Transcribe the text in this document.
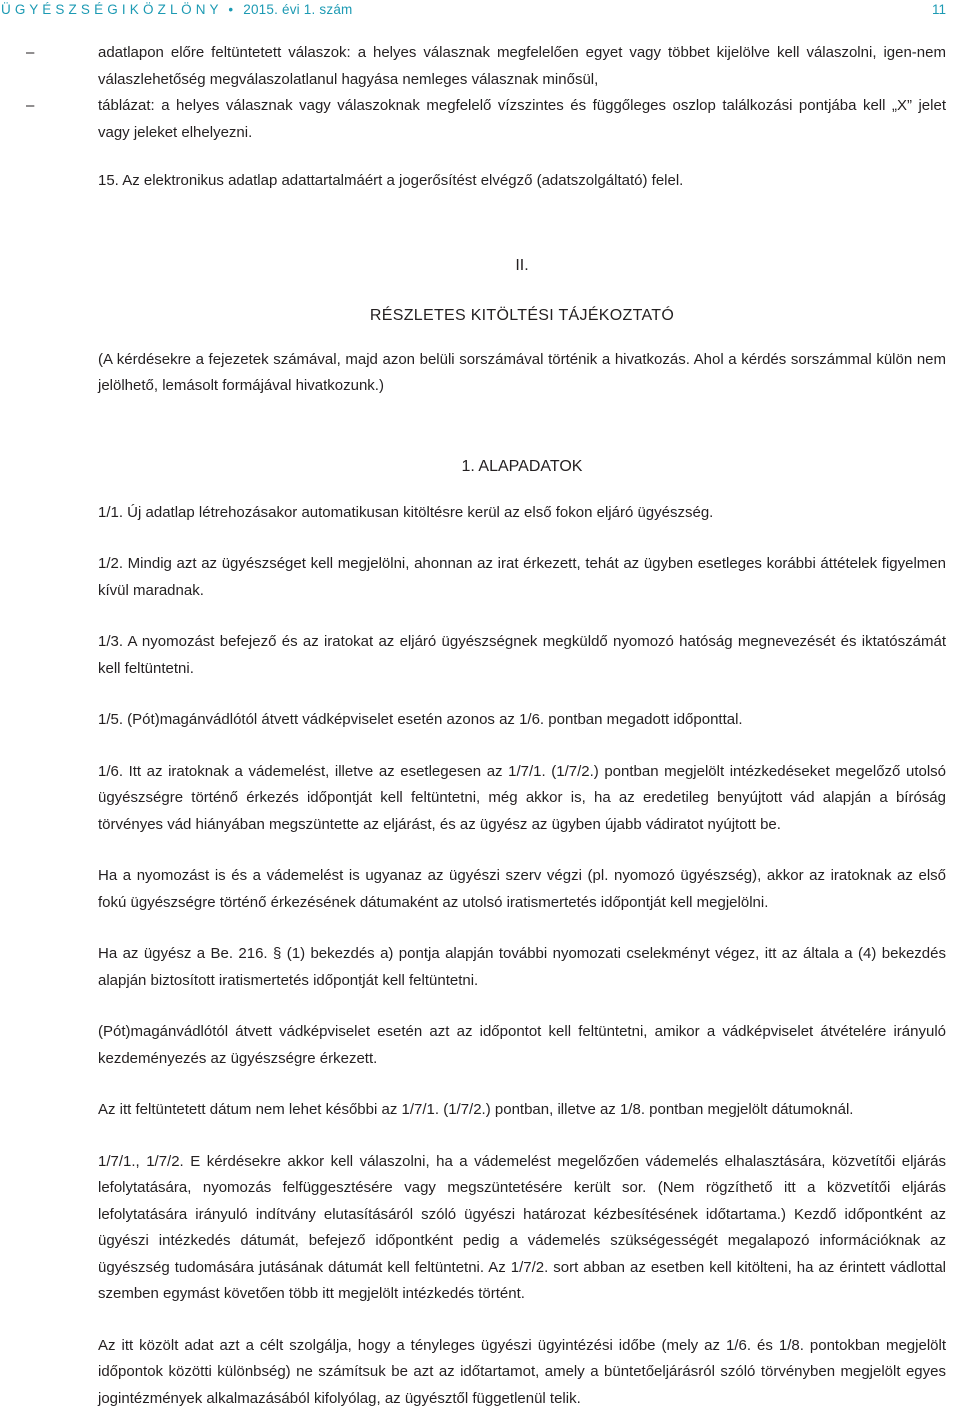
Ü G Y É S Z S É G I K Ö Z L Ö N Y • 2015. évi 1. szám	11
–	adatlapon előre feltüntetett válaszok: a helyes válasznak megfelelően egyet vagy többet kijelölve kell válaszolni, igen-nem válaszlehetőség megválaszolatlanul hagyása nemleges válasznak minősül,
–	táblázat: a helyes válasznak vagy válaszoknak megfelelő vízszintes és függőleges oszlop találkozási pontjába kell „X” jelet vagy jeleket elhelyezni.

15. Az elektronikus adatlap adattartalmáért a jogerősítést elvégző (adatszolgáltató) felel.

II.
RÉSZLETES KITÖLTÉSI TÁJÉKOZTATÓ

(A kérdésekre a fejezetek számával, majd azon belüli sorszámával történik a hivatkozás. Ahol a kérdés sorszámmal külön nem jelölhető, lemásolt formájával hivatkozunk.)

1. ALAPADATOK

1/1. Új adatlap létrehozásakor automatikusan kitöltésre kerül az első fokon eljáró ügyészség.

1/2. Mindig azt az ügyészséget kell megjelölni, ahonnan az irat érkezett, tehát az ügyben esetleges korábbi áttételek figyelmen kívül maradnak.

1/3. A nyomozást befejező és az iratokat az eljáró ügyészségnek megküldő nyomozó hatóság megnevezését és iktatószámát kell feltüntetni.

1/5. (Pót)magánvádlótól átvett vádképviselet esetén azonos az 1/6. pontban megadott időponttal.

1/6. Itt az iratoknak a vádemelést, illetve az esetlegesen az 1/7/1. (1/7/2.) pontban megjelölt intézkedéseket megelőző utolsó ügyészségre történő érkezés időpontját kell feltüntetni, még akkor is, ha az eredetileg benyújtott vád alapján a bíróság törvényes vád hiányában megszüntette az eljárást, és az ügyész az ügyben újabb vádiratot nyújtott be.

Ha a nyomozást is és a vádemelést is ugyanaz az ügyészi szerv végzi (pl. nyomozó ügyészség), akkor az iratoknak az első fokú ügyészségre történő érkezésének dátumaként az utolsó iratismertetés időpontját kell megjelölni.

Ha az ügyész a Be. 216. § (1) bekezdés a) pontja alapján további nyomozati cselekményt végez, itt az általa a (4) bekezdés alapján biztosított iratismertetés időpontját kell feltüntetni.

(Pót)magánvádlótól átvett vádképviselet esetén azt az időpontot kell feltüntetni, amikor a vádképviselet átvételére irányuló kezdeményezés az ügyészségre érkezett.

Az itt feltüntetett dátum nem lehet későbbi az 1/7/1. (1/7/2.) pontban, illetve az 1/8. pontban megjelölt dátumoknál.

1/7/1., 1/7/2. E kérdésekre akkor kell válaszolni, ha a vádemelést megelőzően vádemelés elhalasztására, közvetítői eljárás lefolytatására, nyomozás felfüggesztésére vagy megszüntetésére került sor. (Nem rögzíthető itt a közvetítői eljárás lefolytatására irányuló indítvány elutasításáról szóló ügyészi határozat kézbesítésének időtartama.) Kezdő időpontként az ügyészi intézkedés dátumát, befejező időpontként pedig a vádemelés szükségességét megalapozó információknak az ügyészség tudomására jutásának dátumát kell feltüntetni. Az 1/7/2. sort abban az esetben kell kitölteni, ha az érintett vádlottal szemben egymást követően több itt megjelölt intézkedés történt.

Az itt közölt adat azt a célt szolgálja, hogy a tényleges ügyészi ügyintézési időbe (mely az 1/6. és 1/8. pontokban megjelölt időpontok közötti különbség) ne számítsuk be azt az időtartamot, amely a büntetőeljárásról szóló törvényben megjelölt egyes jogintézmények alkalmazásából kifolyólag, az ügyésztől függetlenül telik.
